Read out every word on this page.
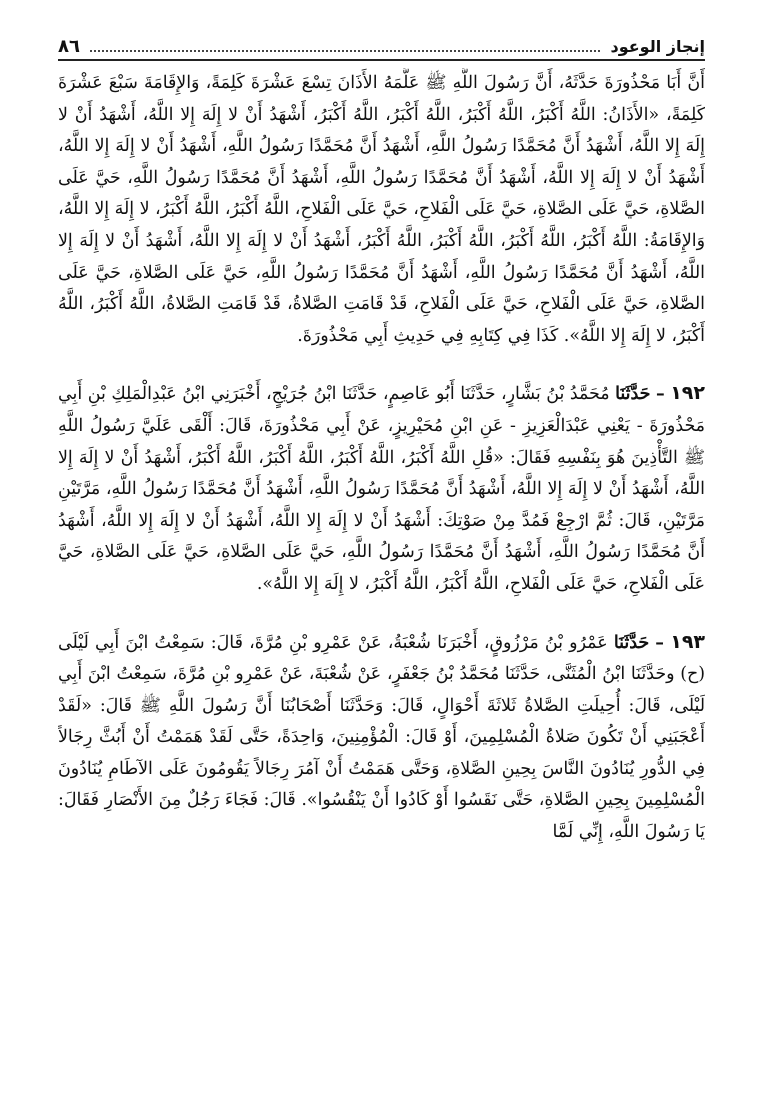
إنجاز الوعود
٨٦

أَنَّ أَبَا مَحْذُورَةَ حَدَّثَهُ، أَنَّ رَسُولَ اللَّهِ ﷺ عَلَّمَهُ الأَذَانَ تِسْعَ عَشْرَةَ كَلِمَةً، وَالإِقَامَةَ سَبْعَ عَشْرَةَ كَلِمَةً، «الأَذَانُ: اللَّهُ أَكْبَرُ، اللَّهُ أَكْبَرُ، اللَّهُ أَكْبَرُ، اللَّهُ أَكْبَرُ، أَشْهَدُ أَنْ لا إِلَهَ إِلا اللَّهُ، أَشْهَدُ أَنْ لا إِلَهَ إِلا اللَّهُ، أَشْهَدُ أَنَّ مُحَمَّدًا رَسُولُ اللَّهِ، أَشْهَدُ أَنَّ مُحَمَّدًا رَسُولُ اللَّهِ، أَشْهَدُ أَنْ لا إِلَهَ إِلا اللَّهُ، أَشْهَدُ أَنْ لا إِلَهَ إِلا اللَّهُ، أَشْهَدُ أَنَّ مُحَمَّدًا رَسُولُ اللَّهِ، أَشْهَدُ أَنَّ مُحَمَّدًا رَسُولُ اللَّهِ، حَيَّ عَلَى الصَّلاةِ، حَيَّ عَلَى الصَّلاةِ، حَيَّ عَلَى الْفَلاحِ، حَيَّ عَلَى الْفَلاحِ، اللَّهُ أَكْبَرُ، اللَّهُ أَكْبَرُ، لا إِلَهَ إِلا اللَّهُ، وَالإِقَامَةُ: اللَّهُ أَكْبَرُ، اللَّهُ أَكْبَرُ، اللَّهُ أَكْبَرُ، اللَّهُ أَكْبَرُ، أَشْهَدُ أَنْ لا إِلَهَ إِلا اللَّهُ، أَشْهَدُ أَنْ لا إِلَهَ إِلا اللَّهُ، أَشْهَدُ أَنَّ مُحَمَّدًا رَسُولُ اللَّهِ، أَشْهَدُ أَنَّ مُحَمَّدًا رَسُولُ اللَّهِ، حَيَّ عَلَى الصَّلاةِ، حَيَّ عَلَى الصَّلاةِ، حَيَّ عَلَى الْفَلاحِ، حَيَّ عَلَى الْفَلاحِ، قَدْ قَامَتِ الصَّلاةُ، قَدْ قَامَتِ الصَّلاةُ، اللَّهُ أَكْبَرُ، اللَّهُ أَكْبَرُ، لا إِلَهَ إِلا اللَّهُ». كَذَا فِي كِتَابِهِ فِي حَدِيثِ أَبِي مَحْذُورَةَ.

١٩٢ – حَدَّثَنَا مُحَمَّدُ بْنُ بَشَّارٍ، حَدَّثَنَا أَبُو عَاصِمٍ، حَدَّثَنَا ابْنُ جُرَيْجٍ، أَخْبَرَنِي ابْنُ عَبْدِالْمَلِكِ بْنِ أَبِي مَحْذُورَةَ - يَعْنِي عَبْدَالْعَزِيزِ - عَنِ ابْنِ مُحَيْرِيزٍ، عَنْ أَبِي مَحْذُورَةَ، قَالَ: أَلْقَى عَلَيَّ رَسُولُ اللَّهِ ﷺ التَّأْذِينَ هُوَ بِنَفْسِهِ فَقَالَ: «قُلِ اللَّهُ أَكْبَرُ، اللَّهُ أَكْبَرُ، اللَّهُ أَكْبَرُ، اللَّهُ أَكْبَرُ، أَشْهَدُ أَنْ لا إِلَهَ إِلا اللَّهُ، أَشْهَدُ أَنْ لا إِلَهَ إِلا اللَّهُ، أَشْهَدُ أَنَّ مُحَمَّدًا رَسُولُ اللَّهِ، أَشْهَدُ أَنَّ مُحَمَّدًا رَسُولُ اللَّهِ، مَرَّتَيْنِ مَرَّتَيْنِ، قَالَ: ثُمَّ ارْجِعْ فَمُدَّ مِنْ صَوْتِكَ: أَشْهَدُ أَنْ لا إِلَهَ إِلا اللَّهُ، أَشْهَدُ أَنْ لا إِلَهَ إِلا اللَّهُ، أَشْهَدُ أَنَّ مُحَمَّدًا رَسُولُ اللَّهِ، أَشْهَدُ أَنَّ مُحَمَّدًا رَسُولُ اللَّهِ، حَيَّ عَلَى الصَّلاةِ، حَيَّ عَلَى الصَّلاةِ، حَيَّ عَلَى الْفَلاحِ، حَيَّ عَلَى الْفَلاحِ، اللَّهُ أَكْبَرُ، اللَّهُ أَكْبَرُ، لا إِلَهَ إِلا اللَّهُ».

١٩٣ – حَدَّثَنَا عَمْرُو بْنُ مَرْزُوقٍ، أَخْبَرَنَا شُعْبَةُ، عَنْ عَمْرِو بْنِ مُرَّةَ، قَالَ: سَمِعْتُ ابْنَ أَبِي لَيْلَى (ح) وحَدَّثَنَا ابْنُ الْمُثَنَّى، حَدَّثَنَا مُحَمَّدُ بْنُ جَعْفَرٍ، عَنْ شُعْبَةَ، عَنْ عَمْرِو بْنِ مُرَّةَ، سَمِعْتُ ابْنَ أَبِي لَيْلَى، قَالَ: أُحِيلَتِ الصَّلاةُ ثَلاثَةَ أَحْوَالٍ، قَالَ: وَحَدَّثَنَا أَصْحَابُنَا أَنَّ رَسُولَ اللَّهِ ﷺ قَالَ: «لَقَدْ أَعْجَبَنِي أَنْ تَكُونَ صَلاةُ الْمُسْلِمِينَ، أَوْ قَالَ: الْمُؤْمِنِينَ، وَاحِدَةً، حَتَّى لَقَدْ هَمَمْتُ أَنْ أَبُثَّ رِجَالاً فِي الدُّورِ يُنَادُونَ النَّاسَ بِحِينِ الصَّلاةِ، وَحَتَّى هَمَمْتُ أَنْ آمُرَ رِجَالاً يَقُومُونَ عَلَى الآطَامِ يُنَادُونَ الْمُسْلِمِينَ بِحِينِ الصَّلاةِ، حَتَّى نَقَسُوا أَوْ كَادُوا أَنْ يَنْقُسُوا». قَالَ: فَجَاءَ رَجُلٌ مِنَ الأَنْصَارِ فَقَالَ: يَا رَسُولَ اللَّهِ، إِنِّي لَمَّا
